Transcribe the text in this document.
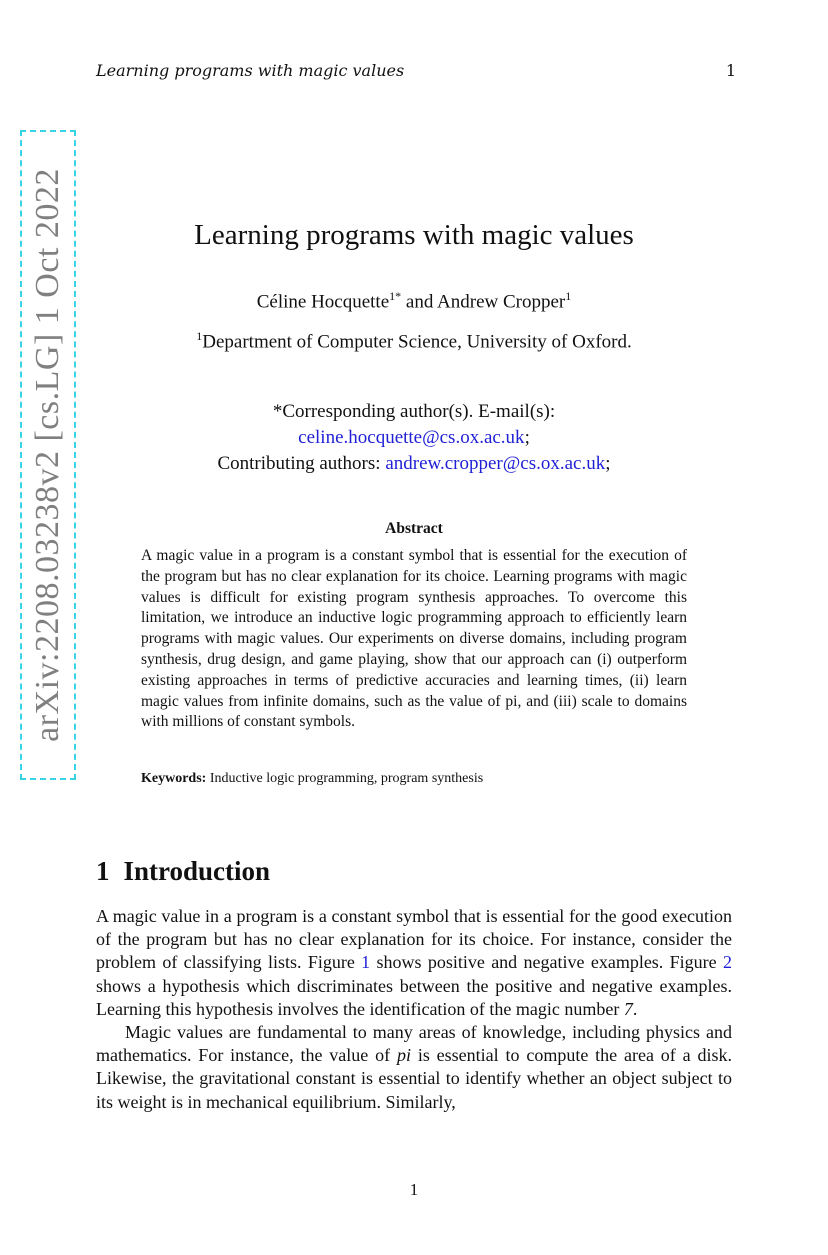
Learning programs with magic values	1
arXiv:2208.03238v2 [cs.LG] 1 Oct 2022	Learning programs with magic values
Céline Hocquette$^{1*}$ and Andrew Cropper$^1$
$^1$Department of Computer Science, University of Oxford.
*Corresponding author(s). E-mail(s):
celine.hocquette@cs.ox.ac.uk;
Contributing authors: andrew.cropper@cs.ox.ac.uk;
Abstract
A magic value in a program is a constant symbol that is essential for the execution of the program but has no clear explanation for its choice. Learning programs with magic values is difficult for existing program synthesis approaches. To overcome this limitation, we introduce an inductive logic programming approach to efficiently learn programs with magic values. Our experiments on diverse domains, including program synthesis, drug design, and game playing, show that our approach can (i) outperform existing approaches in terms of predictive accuracies and learning times, (ii) learn magic values from infinite domains, such as the value of pi, and (iii) scale to domains with millions of constant symbols.
Keywords: Inductive logic programming, program synthesis
1 Introduction

A magic value in a program is a constant symbol that is essential for the good execution of the program but has no clear explanation for its choice. For instance, consider the problem of classifying lists. Figure 1 shows positive and negative examples. Figure 2 shows a hypothesis which discriminates between the positive and negative examples. Learning this hypothesis involves the identification of the magic number 7.

Magic values are fundamental to many areas of knowledge, including physics and mathematics. For instance, the value of pi is essential to compute the area of a disk. Likewise, the gravitational constant is essential to identify whether an object subject to its weight is in mechanical equilibrium. Similarly,

1
